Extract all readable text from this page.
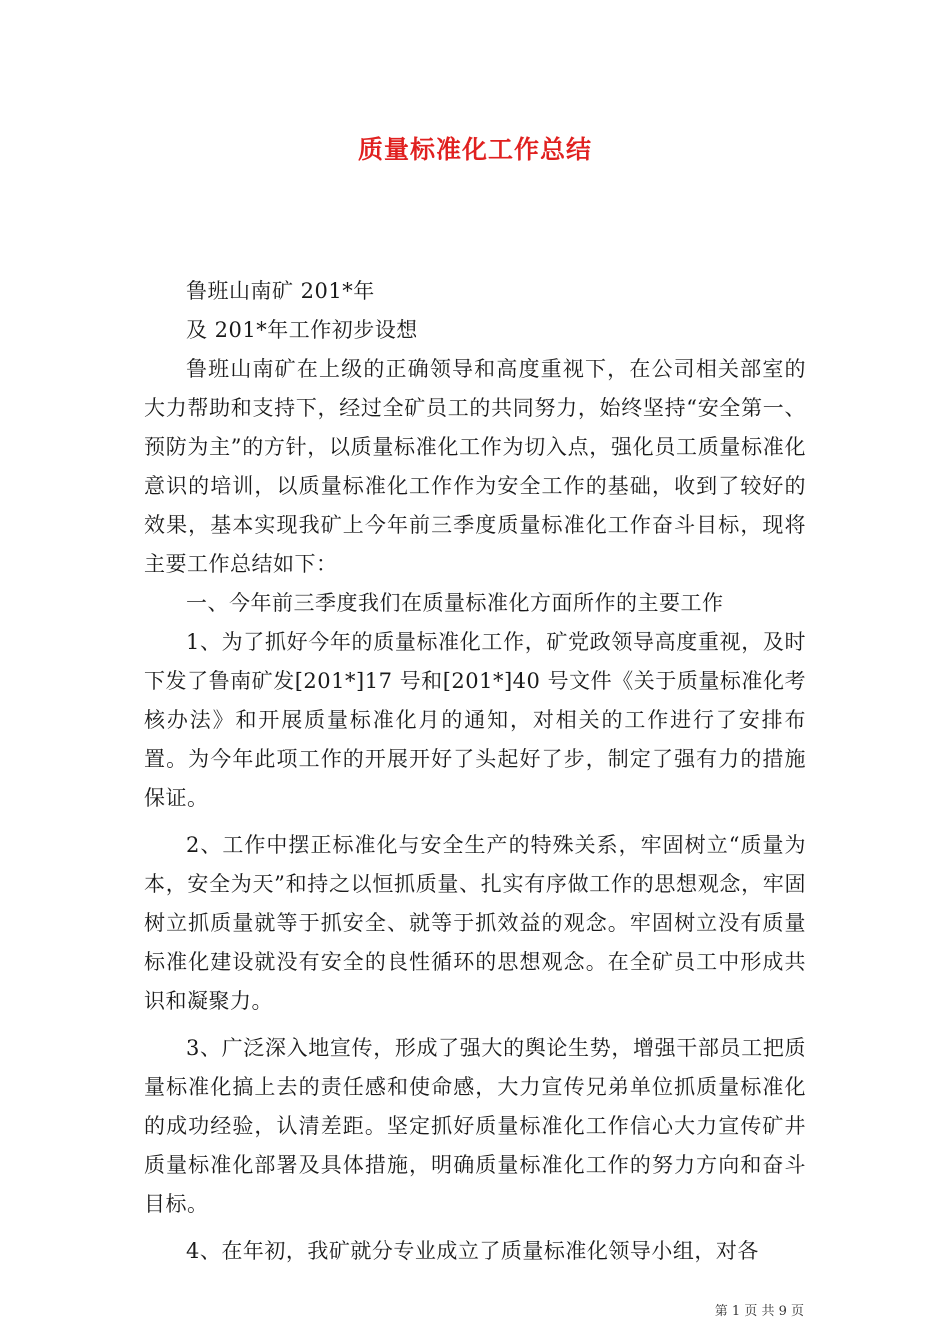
质量标准化工作总结

鲁班山南矿 201*年

及 201*年工作初步设想

鲁班山南矿在上级的正确领导和高度重视下，在公司相关部室的大力帮助和支持下，经过全矿员工的共同努力，始终坚持“安全第一、预防为主”的方针，以质量标准化工作为切入点，强化员工质量标准化意识的培训，以质量标准化工作作为安全工作的基础，收到了较好的效果，基本实现我矿上今年前三季度质量标准化工作奋斗目标，现将主要工作总结如下：

一、今年前三季度我们在质量标准化方面所作的主要工作

1、为了抓好今年的质量标准化工作，矿党政领导高度重视，及时下发了鲁南矿发[201*]17 号和[201*]40 号文件《关于质量标准化考核办法》和开展质量标准化月的通知，对相关的工作进行了安排布置。为今年此项工作的开展开好了头起好了步，制定了强有力的措施保证。

2、工作中摆正标准化与安全生产的特殊关系，牢固树立“质量为本，安全为天”和持之以恒抓质量、扎实有序做工作的思想观念，牢固树立抓质量就等于抓安全、就等于抓效益的观念。牢固树立没有质量标准化建设就没有安全的良性循环的思想观念。在全矿员工中形成共识和凝聚力。

3、广泛深入地宣传，形成了强大的舆论生势，增强干部员工把质量标准化搞上去的责任感和使命感，大力宣传兄弟单位抓质量标准化的成功经验，认清差距。坚定抓好质量标准化工作信心大力宣传矿井质量标准化部署及具体措施，明确质量标准化工作的努力方向和奋斗目标。

4、在年初，我矿就分专业成立了质量标准化领导小组，对各

第 1 页 共 9 页
